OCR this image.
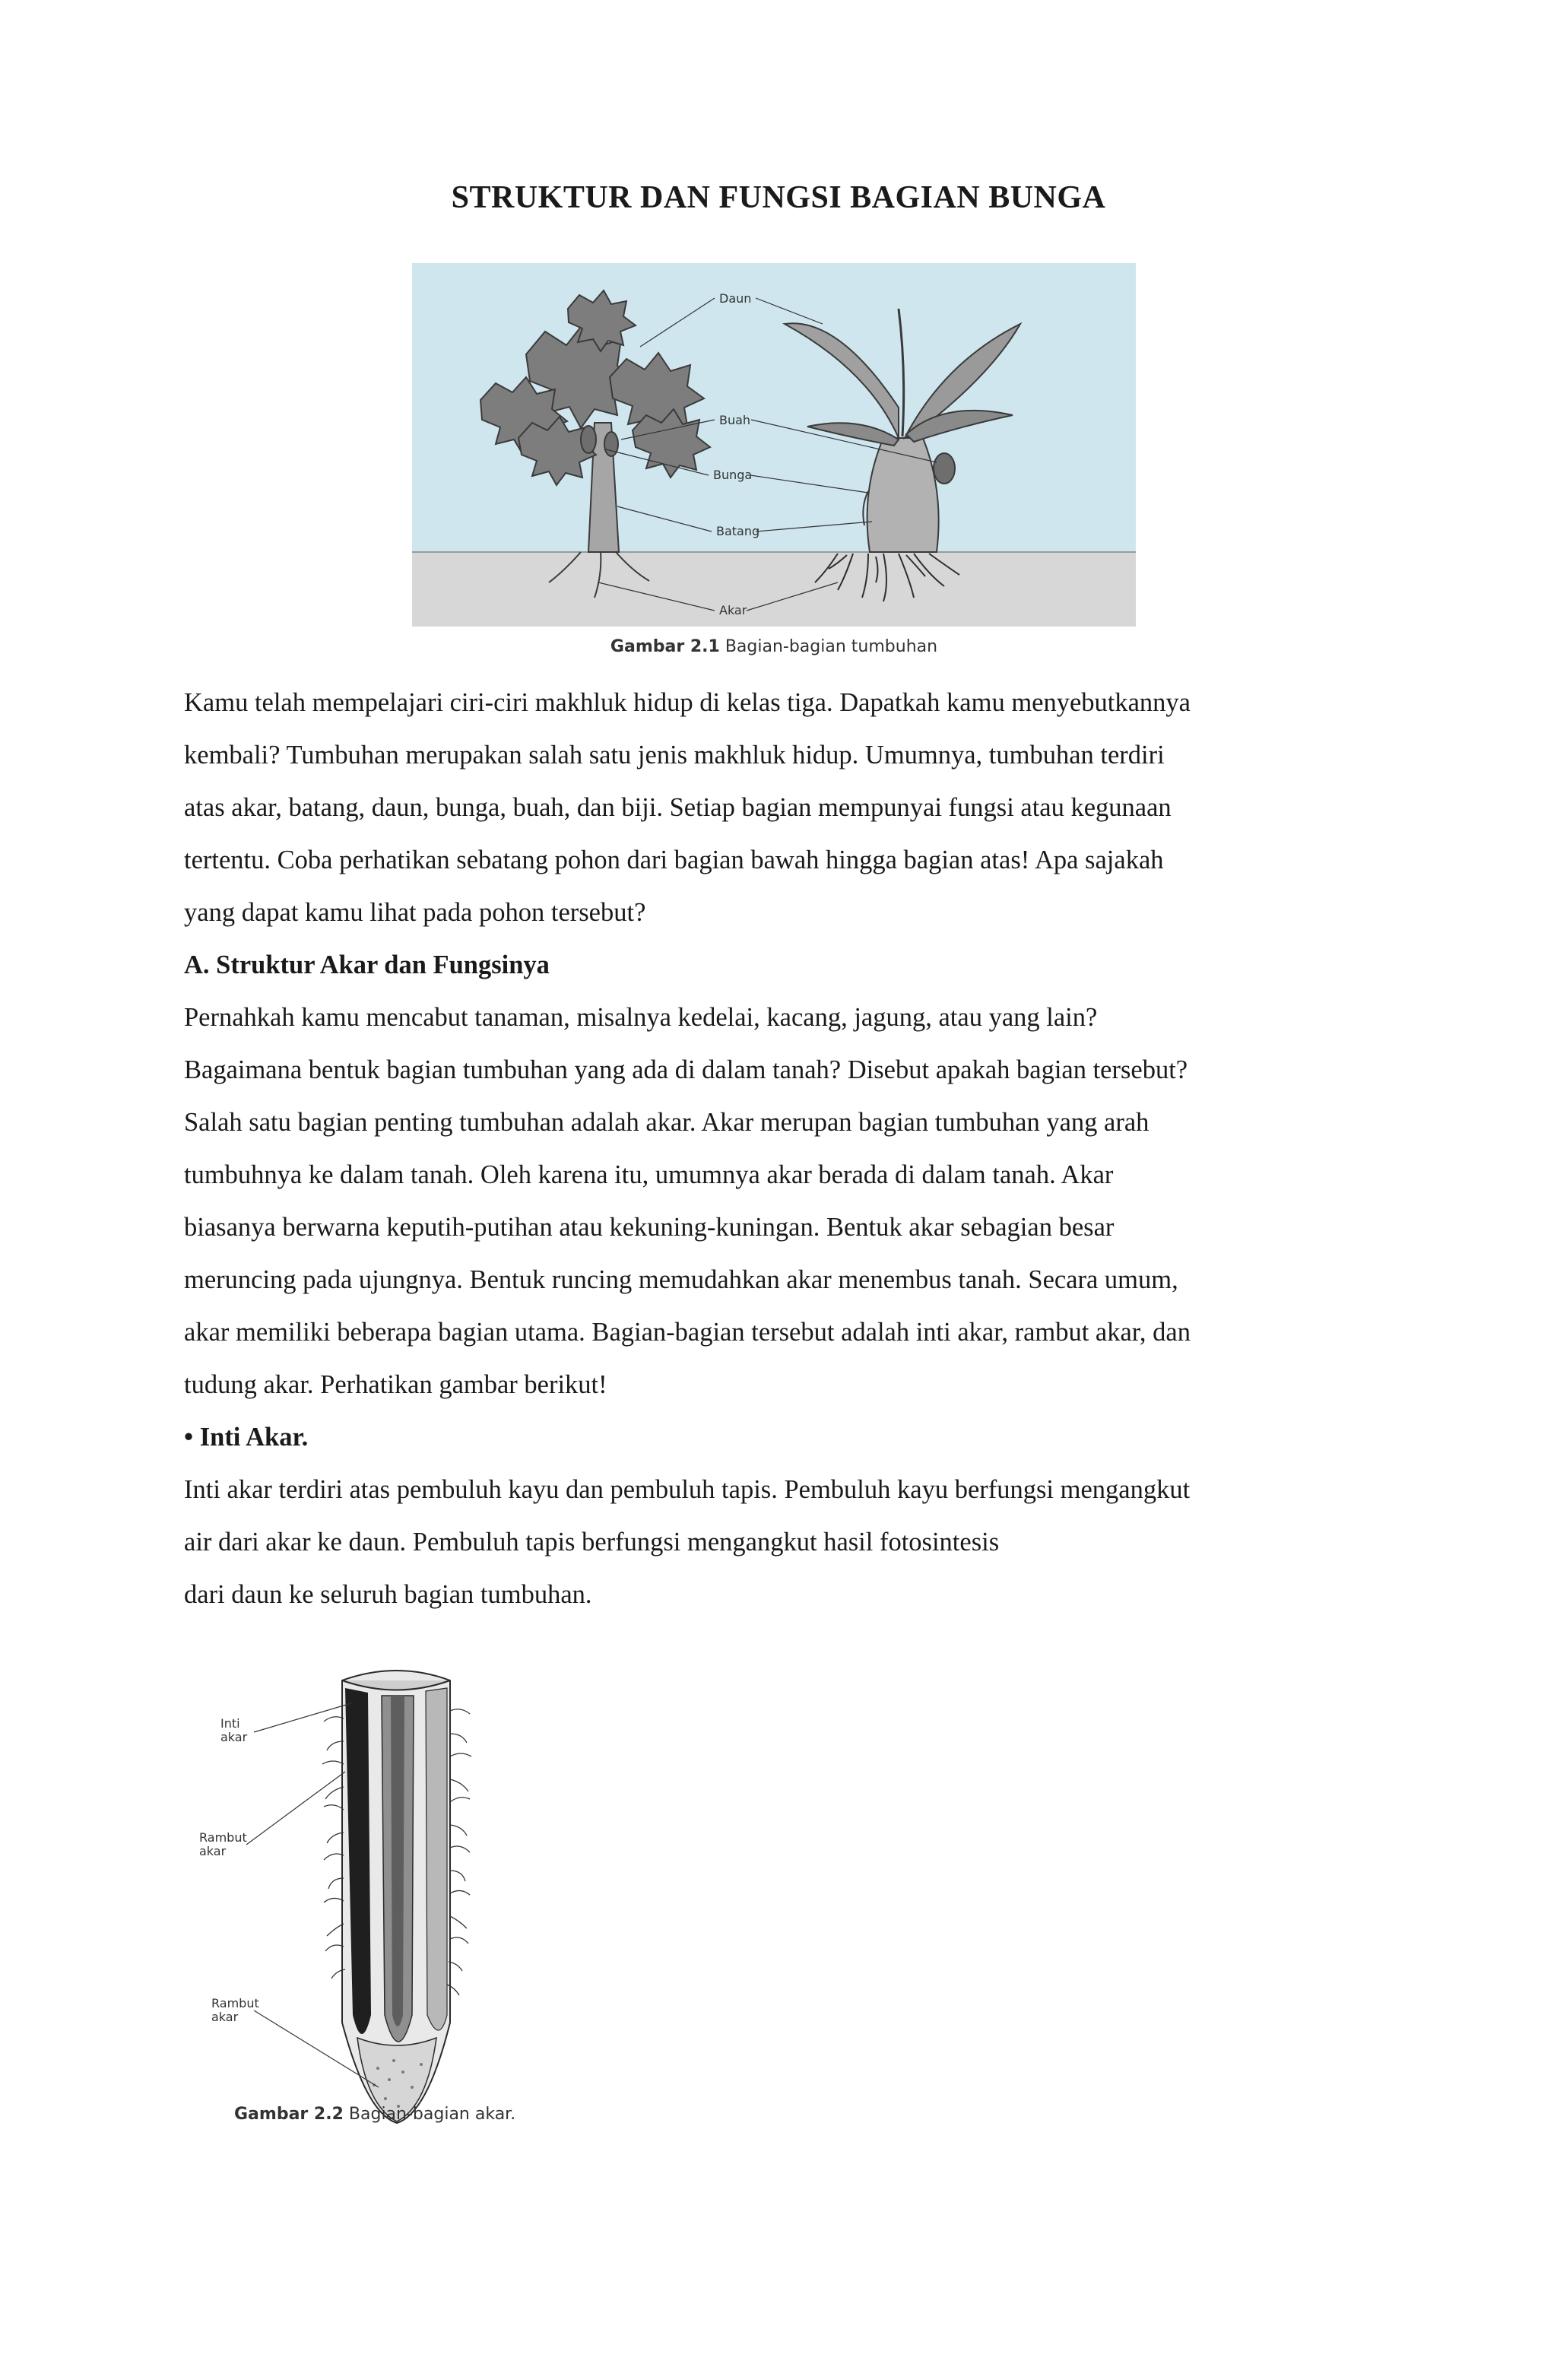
STRUKTUR DAN FUNGSI BAGIAN BUNGA
Daun
Buah
Bunga
Batang
Akar
Gambar 2.1 Bagian-bagian tumbuhan

Kamu telah mempelajari ciri-ciri makhluk hidup di kelas tiga. Dapatkah kamu menyebutkannya

kembali? Tumbuhan merupakan salah satu jenis makhluk hidup. Umumnya, tumbuhan terdiri

atas akar, batang, daun, bunga, buah, dan biji. Setiap bagian mempunyai fungsi atau kegunaan

tertentu. Coba perhatikan sebatang pohon dari bagian bawah hingga bagian atas! Apa sajakah

yang dapat kamu lihat pada pohon tersebut?

A. Struktur Akar dan Fungsinya

Pernahkah kamu mencabut tanaman, misalnya kedelai, kacang, jagung, atau yang lain?

Bagaimana bentuk bagian tumbuhan yang ada di dalam tanah? Disebut apakah bagian tersebut?

Salah satu bagian penting tumbuhan adalah akar. Akar merupan bagian tumbuhan yang arah

tumbuhnya ke dalam tanah. Oleh karena itu, umumnya akar berada di dalam tanah. Akar

biasanya berwarna keputih-putihan atau kekuning-kuningan. Bentuk akar sebagian besar

meruncing pada ujungnya. Bentuk runcing memudahkan akar menembus tanah. Secara umum,

akar memiliki beberapa bagian utama. Bagian-bagian tersebut adalah inti akar, rambut akar, dan

tudung akar. Perhatikan gambar berikut!

• Inti Akar.

Inti akar terdiri atas pembuluh kayu dan pembuluh tapis. Pembuluh kayu berfungsi mengangkut

air dari akar ke daun. Pembuluh tapis berfungsi mengangkut hasil fotosintesis

dari daun ke seluruh bagian tumbuhan.

Inti
akar
Rambut
akar
Rambut
akar
Gambar 2.2 Bagian-bagian akar.
